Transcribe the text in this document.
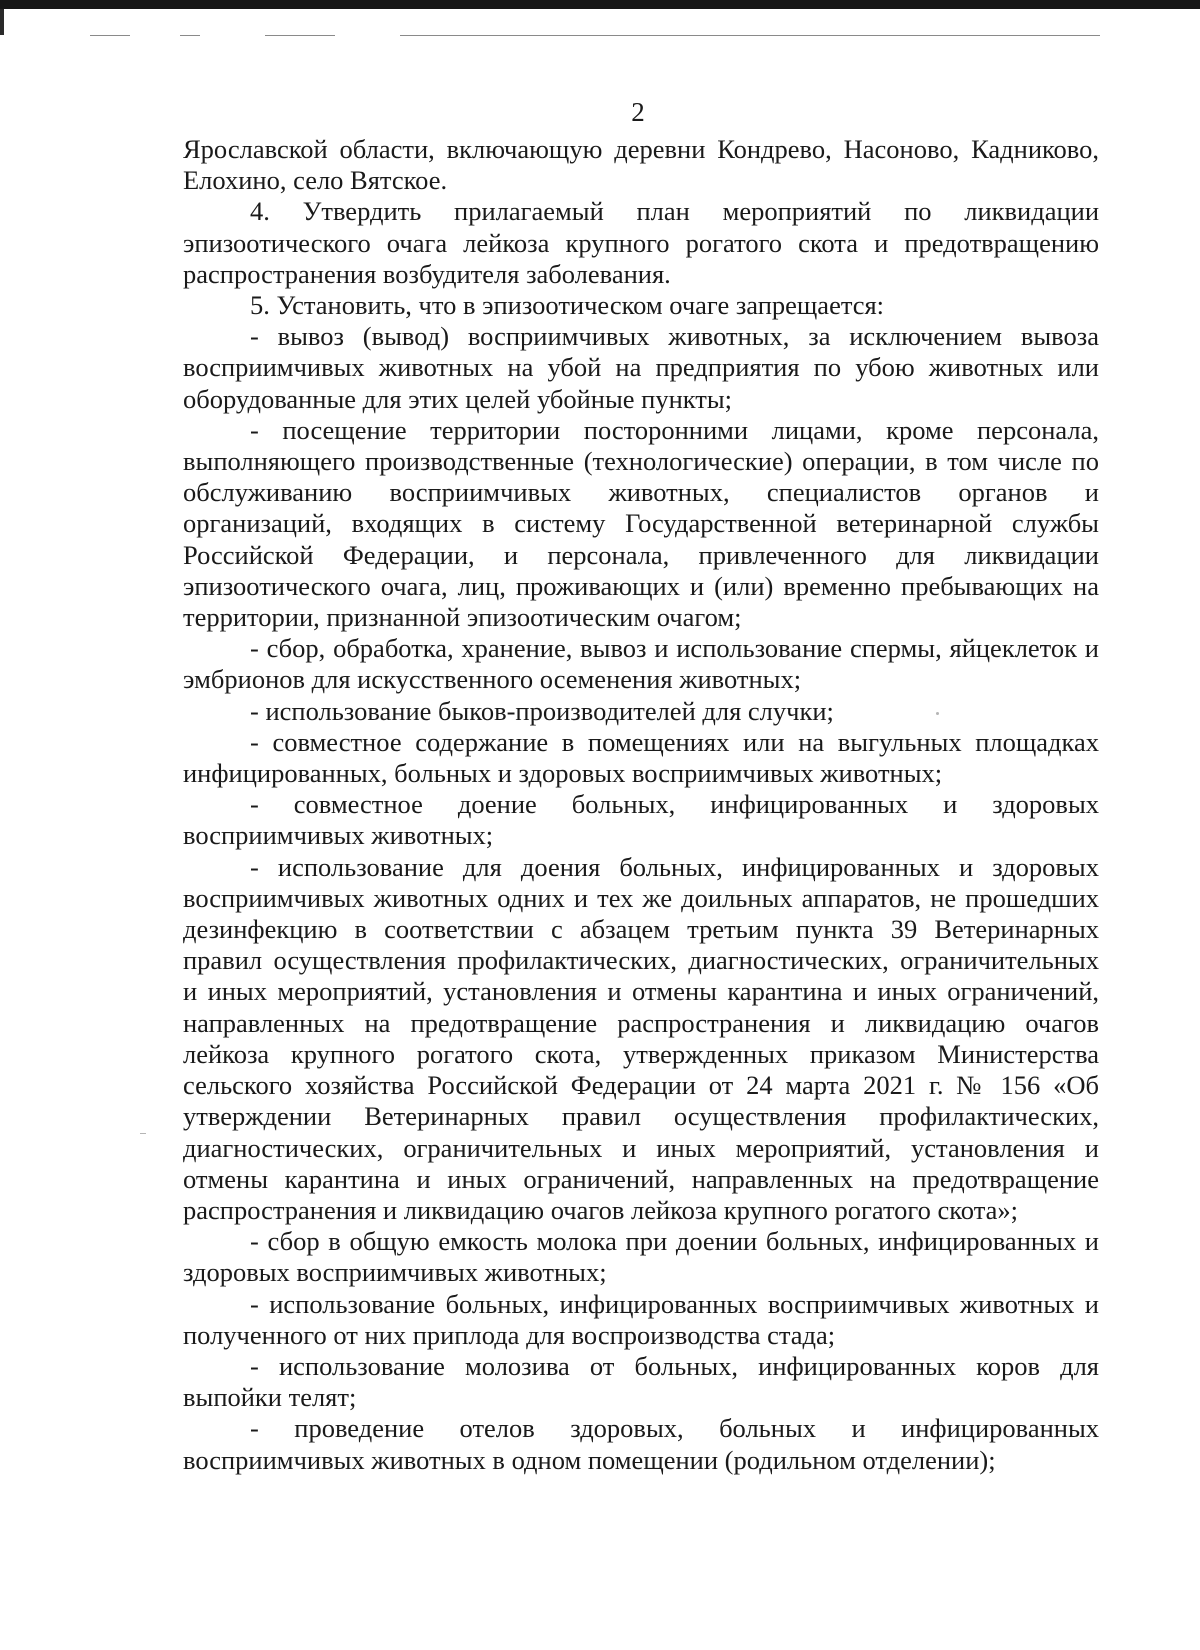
2

Ярославской области, включающую деревни Кондрево, Насоново, Кадниково, Елохино, село Вятское.

4. Утвердить прилагаемый план мероприятий по ликвидации эпизоотического очага лейкоза крупного рогатого скота и предотвращению распространения возбудителя заболевания.

5. Установить, что в эпизоотическом очаге запрещается:

- вывоз (вывод) восприимчивых животных, за исключением вывоза восприимчивых животных на убой на предприятия по убою животных или оборудованные для этих целей убойные пункты;

- посещение территории посторонними лицами, кроме персонала, выполняющего производственные (технологические) операции, в том числе по обслуживанию восприимчивых животных, специалистов органов и организаций, входящих в систему Государственной ветеринарной службы Российской Федерации, и персонала, привлеченного для ликвидации эпизоотического очага, лиц, проживающих и (или) временно пребывающих на территории, признанной эпизоотическим очагом;

- сбор, обработка, хранение, вывоз и использование спермы, яйцеклеток и эмбрионов для искусственного осеменения животных;

- использование быков-производителей для случки;

- совместное содержание в помещениях или на выгульных площадках инфицированных, больных и здоровых восприимчивых животных;

- совместное доение больных, инфицированных и здоровых восприимчивых животных;

- использование для доения больных, инфицированных и здоровых восприимчивых животных одних и тех же доильных аппаратов, не прошедших дезинфекцию в соответствии с абзацем третьим пункта 39 Ветеринарных правил осуществления профилактических, диагностических, ограничительных и иных мероприятий, установления и отмены карантина и иных ограничений, направленных на предотвращение распространения и ликвидацию очагов лейкоза крупного рогатого скота, утвержденных приказом Министерства сельского хозяйства Российской Федерации от 24 марта 2021 г. № 156 «Об утверждении Ветеринарных правил осуществления профилактических, диагностических, ограничительных и иных мероприятий, установления и отмены карантина и иных ограничений, направленных на предотвращение распространения и ликвидацию очагов лейкоза крупного рогатого скота»;

- сбор в общую емкость молока при доении больных, инфицированных и здоровых восприимчивых животных;

- использование больных, инфицированных восприимчивых животных и полученного от них приплода для воспроизводства стада;

- использование молозива от больных, инфицированных коров для выпойки телят;

- проведение отелов здоровых, больных и инфицированных восприимчивых животных в одном помещении (родильном отделении);
